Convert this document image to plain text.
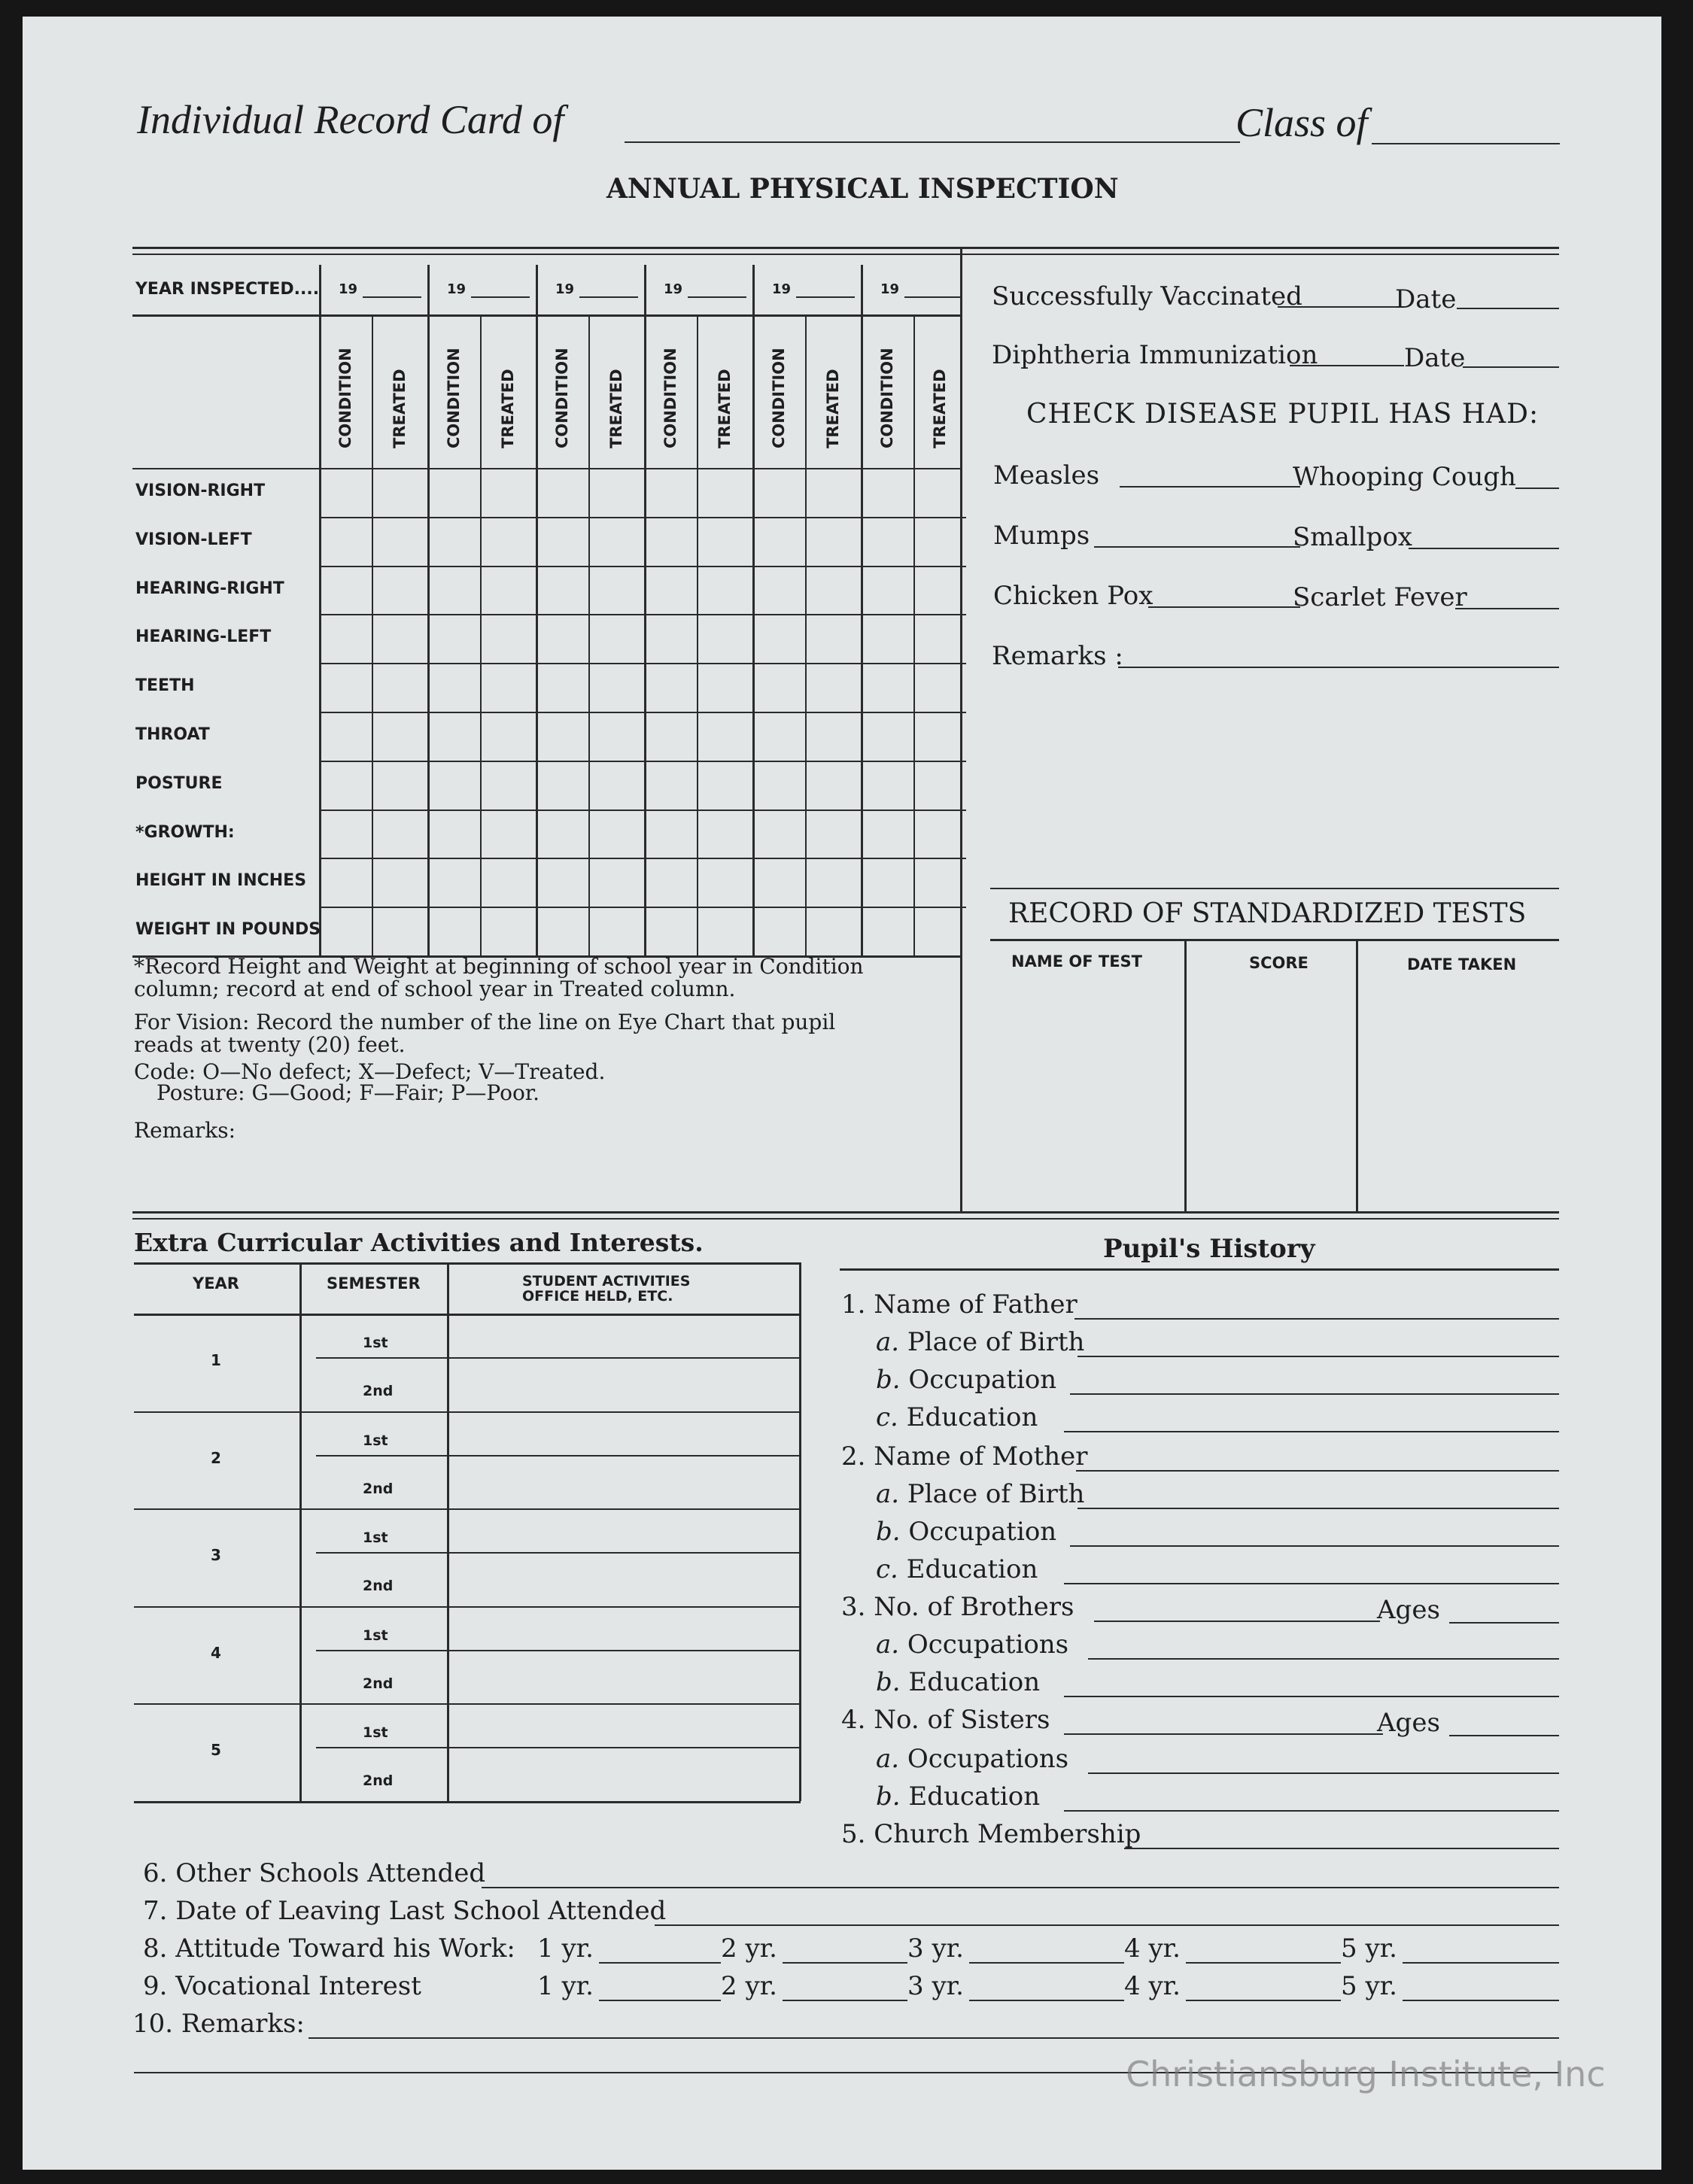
Individual Record Card of	Class of
ANNUAL PHYSICAL INSPECTION
YEAR INSPECTED.... 19	19	19	19	19	19
CONDITION TREATED CONDITION TREATED CONDITION TREATED CONDITION TREATED CONDITION TREATED CONDITION TREATED
VISION-RIGHT
VISION-LEFT
HEARING-RIGHT
HEARING-LEFT
TEETH
THROAT
POSTURE
*GROWTH:
HEIGHT IN INCHES
WEIGHT IN POUNDS
*Record Height and Weight at beginning of school year in Condition
column; record at end of school year in Treated column.
For Vision: Record the number of the line on Eye Chart that pupil
reads at twenty (20) feet.
Code: O—No defect; X—Defect; V—Treated.
Posture: G—Good; F—Fair; P—Poor.
Remarks:
Successfully Vaccinated	Date
Diphtheria Immunization	Date
CHECK DISEASE PUPIL HAS HAD:
Measles	Whooping Cough
Mumps	Smallpox
Chicken Pox	Scarlet Fever
Remarks :
RECORD OF STANDARDIZED TESTS
NAME OF TEST	SCORE	DATE TAKEN
Extra Curricular Activities and Interests.	Pupil's History
YEAR	SEMESTER	STUDENT ACTIVITIES
OFFICE HELD, ETC.
1
1st
2nd
2
1st
2nd
3
1st
2nd
4
1st
2nd
5
1st
2nd
1. Name of Father
a. Place of Birth
b. Occupation
c. Education
2. Name of Mother
a. Place of Birth
b. Occupation
c. Education
3. No. of Brothers	Ages
a. Occupations
b. Education
4. No. of Sisters	Ages
a. Occupations
b. Education
5. Church Membership
6. Other Schools Attended
7. Date of Leaving Last School Attended
8. Attitude Toward his Work: 1 yr.	2 yr.	3 yr.	4 yr.	5 yr.
9. Vocational Interest	1 yr.	2 yr.	3 yr.	4 yr.	5 yr.
10. Remarks:
Christiansburg Institute, Inc
